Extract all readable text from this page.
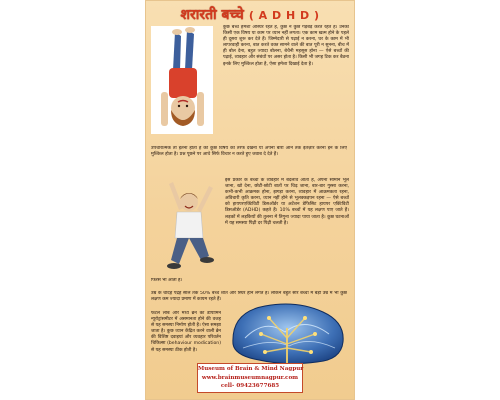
शरारती बच्चे ( A D H D )
कुछ बच्चे हमेशा अस्थिर रहते हैं, कुछ न कुछ गड़बड़ करते रहते हैं। उनका किसी एक विषय या काम पर ध्यान नहीं लगता। एक काम खत्म होने के पहले ही दूसरा शुरू कर देते हैं। जिम्मेदारी से पढ़ाई न करना, घर के काम में भी लापरवाही करना, बात करते वक्त सामने वाले की बात पूरी न सुनना, बीच में ही बोल देना, बहुत ज्यादा बोलना, बेचैनी महसूस होना — ऐसे बच्चों की पढ़ाई, व्यवहार और संबंधों पर असर होता है। किसी भी जगह टिक कर बैठना इनके लिए मुश्किल होता है, ऐसा हमेशा दिखाई देता है।
उपचारात्मक तो इतना होता है की कुछ विषय की तरफ देखना या अपनी बारी आने तक इंतज़ार करना इन के लिए मुश्किल होता है। प्रश्न पूछने पर आधे सिर्फ विचार न करते हुए जवाब दे देते हैं।
इस प्रकार के बच्चों के व्यवहार में बदलाव आता है, अपना सामान भूल जाना, खो देना, छोटी-छोटी बातों पर चिढ़ जाना, बार-बार गुस्सा करना, कभी-कभी आक्रमक होना, झगड़ा करना, व्यवहार में आक्रमकता रहना, अविचारी कृति करना, ध्यान नहीं होने से भूलक्कड़पन रहना — ऐसे बच्चों को हायपरएक्टिविटी डिसऑर्डर या अटेंशन डेफिसिट हायपर एक्टिविटी डिसऑर्डर (ADHD) कहते हैं। 10% बच्चों में यह लक्षण पाए जाते हैं। लड़कों में लड़कियों की तुलना में तिगुना ज्यादा पाया जाता है। कुछ घटनाओं में यह समस्या पिढ़ी दर पिढ़ी चलती है।
फिरसे भी आती है।
उम्र के चौदह पंद्रह साल तक 50% बच्चे शांत और स्थिर होने लगते हैं। लेकिन बहुत सारे बच्चों में बड़ी उम्र में भी कुछ लक्षण कम ज्यादा प्रमाण में कायम रहते हैं।
फंटल लोब और मध्य ब्रेन का डोपामिन न्यूरोट्रांसमीटर में असमानता होने की वजह से यह समस्या निर्माण होती है। ऐसा समझा जाता है। कुछ ध्यान केंद्रित करने वाली ब्रेन की विशिष्ट दवाइयां और व्यवहार परिवर्तन चिकित्सा (behaviour modication) से यह समस्या ठीक होती है।
Museum of Brain & Mind Nagpur
www.brainmuseumnagpur.com
cell- 09423677685
